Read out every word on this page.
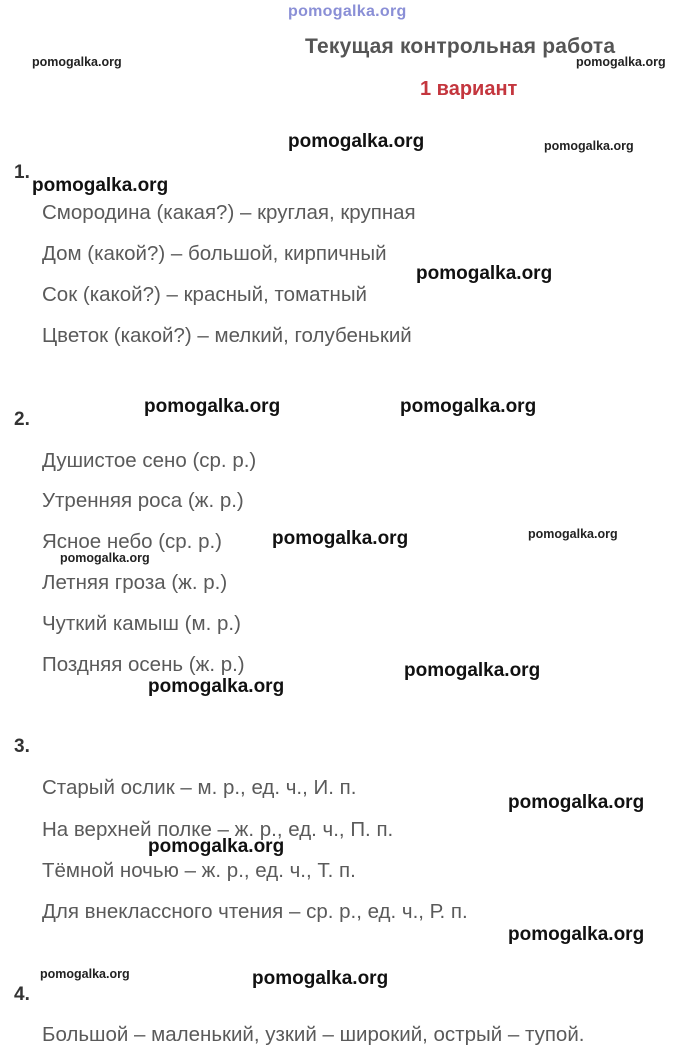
pomogalka.org
Текущая контрольная работа
1 вариант
pomogalka.org	pomogalka.org
1.
Смородина (какая?) – круглая, крупная
Дом (какой?) – большой, кирпичный
Сок (какой?) – красный, томатный
Цветок (какой?) – мелкий, голубенький
2.
Душистое сено (ср. р.)
Утренняя роса (ж. р.)
Ясное небо (ср. р.)
Летняя гроза (ж. р.)
Чуткий камыш (м. р.)
Поздняя осень (ж. р.)
3.
Старый ослик – м. р., ед. ч., И. п.
На верхней полке – ж. р., ед. ч., П. п.
Тёмной ночью – ж. р., ед. ч., Т. п.
Для внеклассного чтения – ср. р., ед. ч., Р. п.
4.
Большой – маленький, узкий – широкий, острый – тупой.
pomogalka.org	pomogalka.org
pomogalka.org
pomogalka.org
pomogalka.org	pomogalka.org
pomogalka.org	pomogalka.org
pomogalka.org
pomogalka.org
pomogalka.org
pomogalka.org
pomogalka.org
pomogalka.org
pomogalka.org	pomogalka.org
